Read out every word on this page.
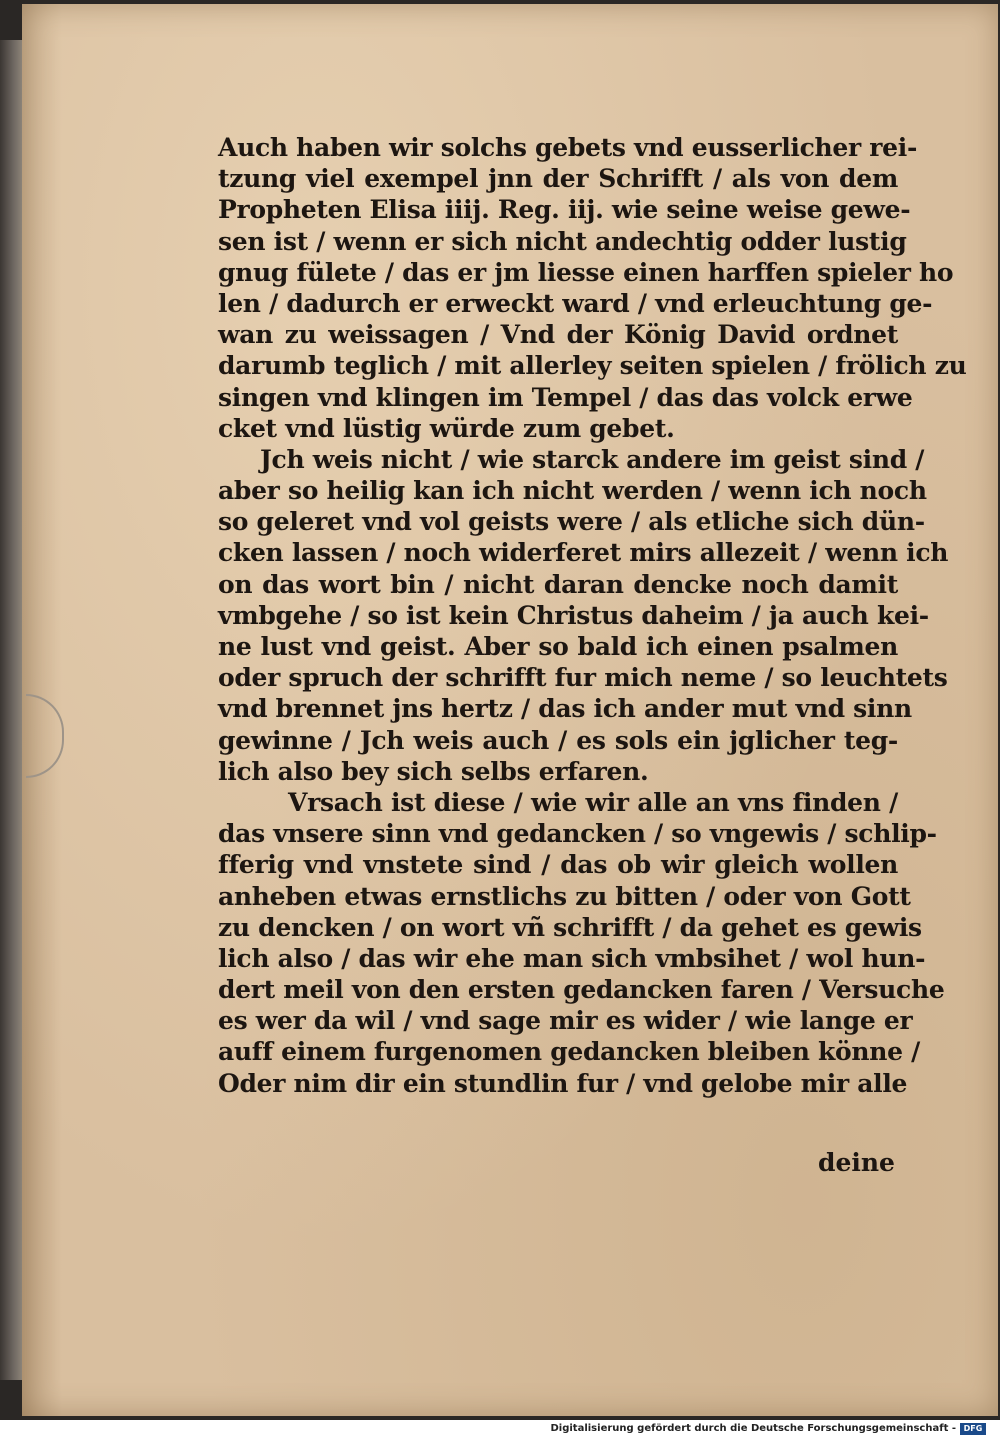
Auch haben wir solchs gebets vnd eusserlicher rei-
tzung viel exempel jnn der Schrifft / als von dem
Propheten Elisa iiij. Reg. iij. wie seine weise gewe-
sen ist / wenn er sich nicht andechtig odder lustig
gnug fülete / das er jm liesse einen harffen spieler ho
len / dadurch er erweckt ward / vnd erleuchtung ge-
wan zu weissagen / Vnd der König David ordnet
darumb teglich / mit allerley seiten spielen / frölich zu
singen vnd klingen im Tempel / das das volck erwe
cket vnd lüstig würde zum gebet.
Jch weis nicht / wie starck andere im geist sind /
aber so heilig kan ich nicht werden / wenn ich noch
so geleret vnd vol geists were / als etliche sich dün-
cken lassen / noch widerferet mirs allezeit / wenn ich
on das wort bin / nicht daran dencke noch damit
vmbgehe / so ist kein Christus daheim / ja auch kei-
ne lust vnd geist. Aber so bald ich einen psalmen
oder spruch der schrifft fur mich neme / so leuchtets
vnd brennet jns hertz / das ich ander mut vnd sinn
gewinne / Jch weis auch / es sols ein jglicher teg-
lich also bey sich selbs erfaren.
Vrsach ist diese / wie wir alle an vns finden /
das vnsere sinn vnd gedancken / so vngewis / schlip-
fferig vnd vnstete sind / das ob wir gleich wollen
anheben etwas ernstlichs zu bitten / oder von Gott
zu dencken / on wort vñ schrifft / da gehet es gewis
lich also / das wir ehe man sich vmbsihet / wol hun-
dert meil von den ersten gedancken faren / Versuche
es wer da wil / vnd sage mir es wider / wie lange er
auff einem furgenomen gedancken bleiben könne /
Oder nim dir ein stundlin fur / vnd gelobe mir alle
deine
Digitalisierung gefördert durch die Deutsche Forschungsgemeinschaft - DFG
